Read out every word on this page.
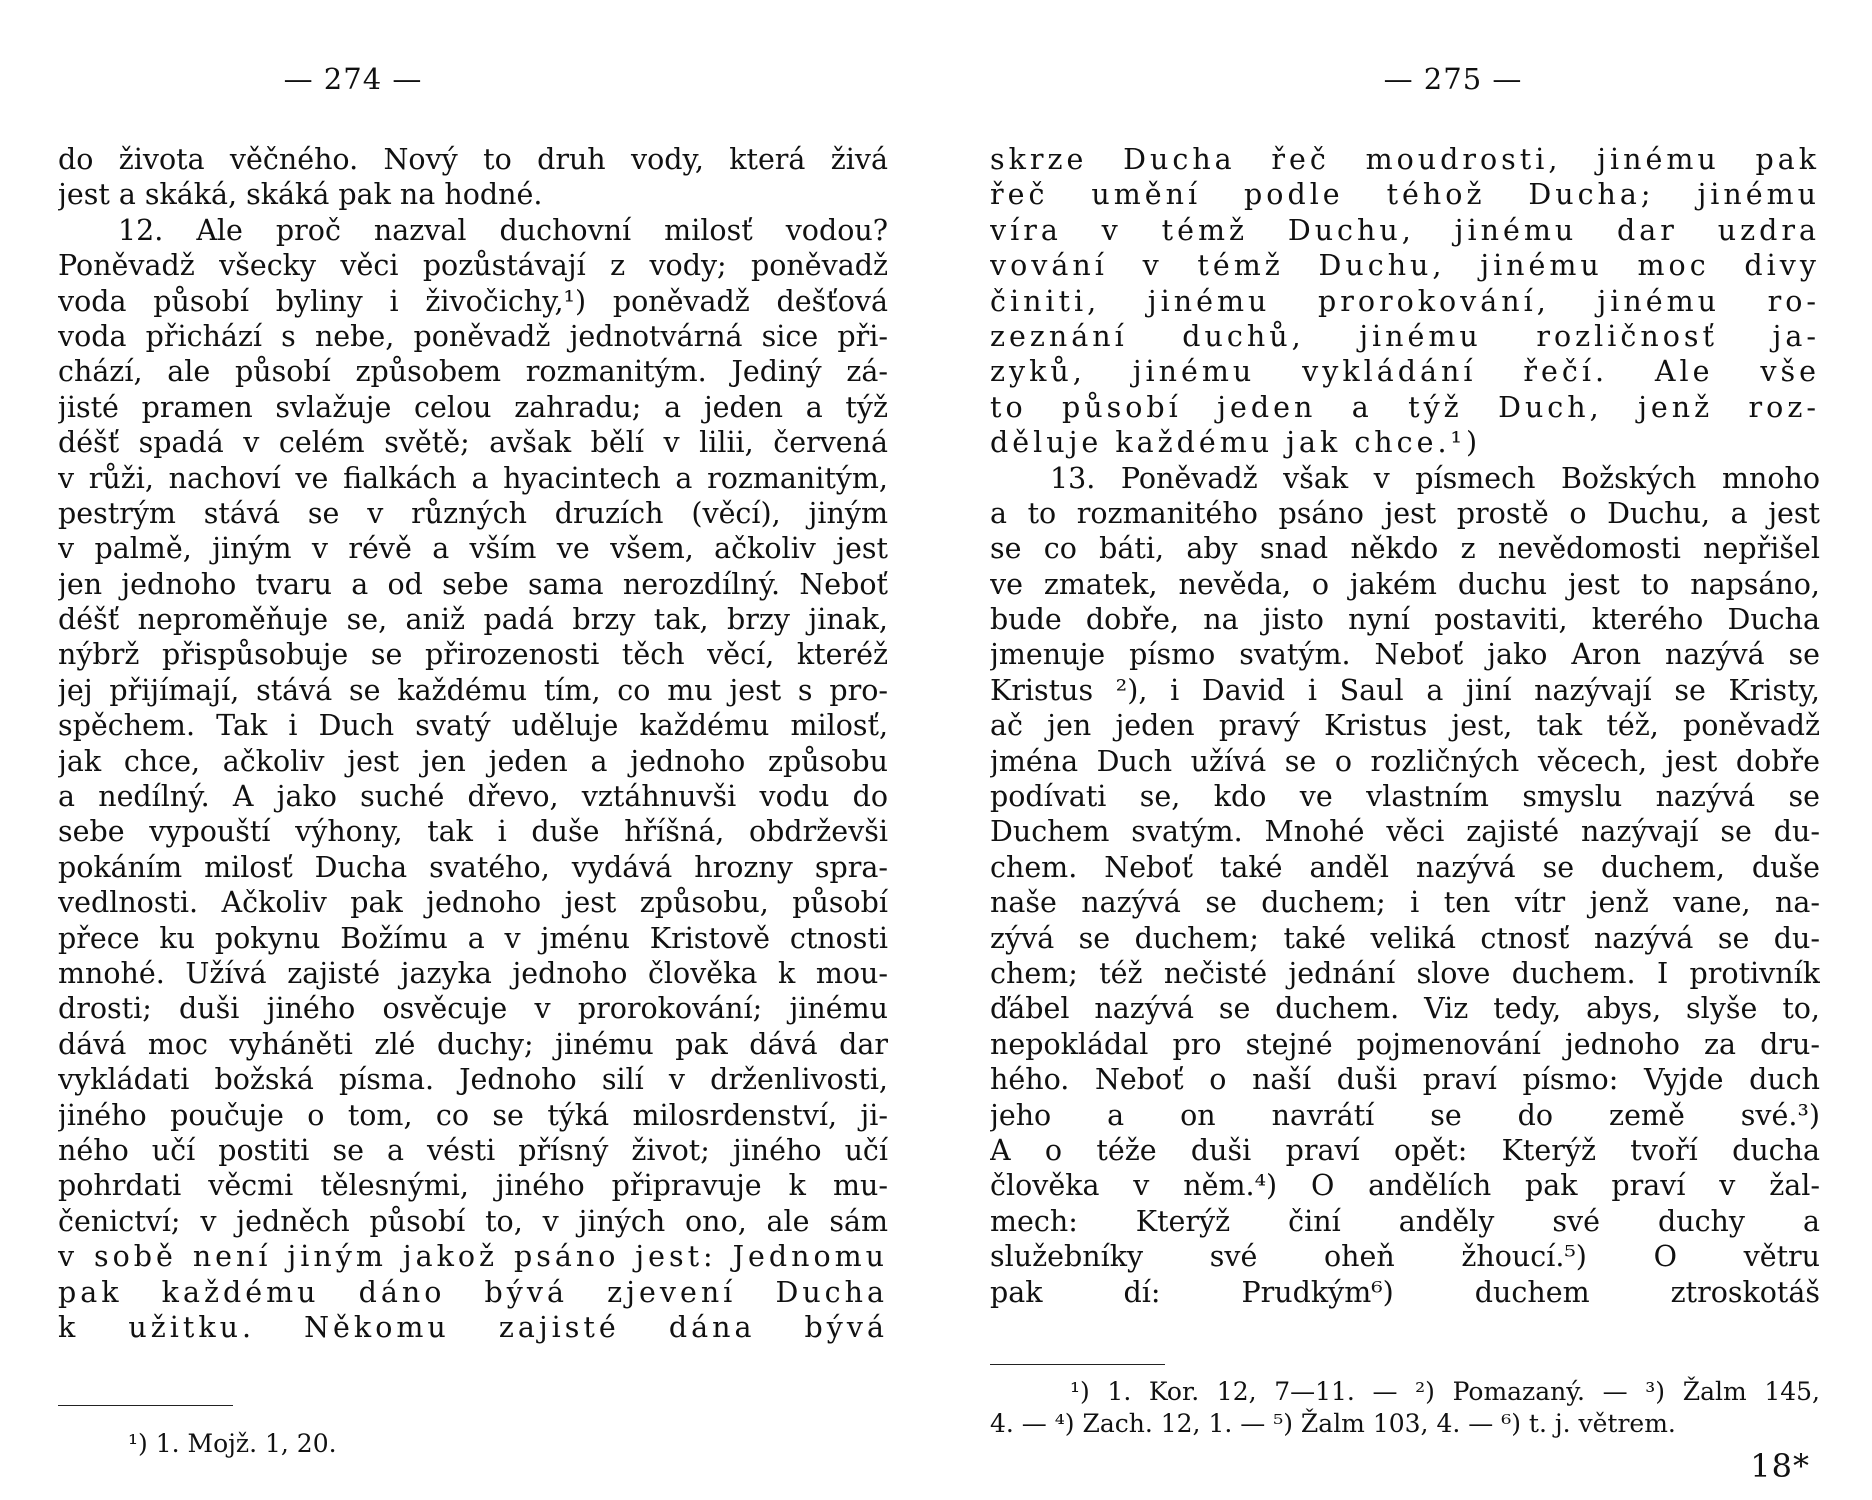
— 274 —
do života věčného. Nový to druh vody, která živá
jest a skáká, skáká pak na hodné.
12. Ale proč nazval duchovní milosť vodou?
Poněvadž všecky věci pozůstávají z vody; poněvadž
voda působí byliny i živočichy,¹) poněvadž dešťová
voda přichází s nebe, poněvadž jednotvárná sice při-
chází, ale působí způsobem rozmanitým. Jediný zá-
jisté pramen svlažuje celou zahradu; a jeden a týž
déšť spadá v celém světě; avšak bělí v lilii, červená
v růži, nachoví ve fialkách a hyacintech a rozmanitým,
pestrým stává se v různých druzích (věcí), jiným
v palmě, jiným v révě a vším ve všem, ačkoliv jest
jen jednoho tvaru a od sebe sama nerozdílný. Neboť
déšť neproměňuje se, aniž padá brzy tak, brzy jinak,
nýbrž přispůsobuje se přirozenosti těch věcí, kteréž
jej přijímají, stává se každému tím, co mu jest s pro-
spěchem. Tak i Duch svatý uděluje každému milosť,
jak chce, ačkoliv jest jen jeden a jednoho způsobu
a nedílný. A jako suché dřevo, vztáhnuvši vodu do
sebe vypouští výhony, tak i duše hříšná, obdrževši
pokáním milosť Ducha svatého, vydává hrozny spra-
vedlnosti. Ačkoliv pak jednoho jest způsobu, působí
přece ku pokynu Božímu a v jménu Kristově ctnosti
mnohé. Užívá zajisté jazyka jednoho člověka k mou-
drosti; duši jiného osvěcuje v prorokování; jinému
dává moc vyháněti zlé duchy; jinému pak dává dar
vykládati božská písma. Jednoho silí v drženlivosti,
jiného poučuje o tom, co se týká milosrdenství, ji-
ného učí postiti se a vésti přísný život; jiného učí
pohrdati věcmi tělesnými, jiného připravuje k mu-
čenictví; v jedněch působí to, v jiných ono, ale sám
v sobě není jiným jakož psáno jest: Jednomu
pak každému dáno bývá zjevení Ducha
k užitku. Někomu zajisté dána bývá
¹) 1. Mojž. 1, 20.
— 275 —
skrze Ducha řeč moudrosti, jinému pak
řeč umění podle téhož Ducha; jinému
víra v témž Duchu, jinému dar uzdra
vování v témž Duchu, jinému moc divy
činiti, jinému prorokování, jinému ro-
zeznání duchů, jinému rozličnosť ja-
zyků, jinému vykládání řečí. Ale vše
to působí jeden a týž Duch, jenž roz-
děluje každému jak chce.¹)
13. Poněvadž však v písmech Božských mnoho
a to rozmanitého psáno jest prostě o Duchu, a jest
se co báti, aby snad někdo z nevědomosti nepřišel
ve zmatek, nevěda, o jakém duchu jest to napsáno,
bude dobře, na jisto nyní postaviti, kterého Ducha
jmenuje písmo svatým. Neboť jako Aron nazývá se
Kristus ²), i David i Saul a jiní nazývají se Kristy,
ač jen jeden pravý Kristus jest, tak též, poněvadž
jména Duch užívá se o rozličných věcech, jest dobře
podívati se, kdo ve vlastním smyslu nazývá se
Duchem svatým. Mnohé věci zajisté nazývají se du-
chem. Neboť také anděl nazývá se duchem, duše
naše nazývá se duchem; i ten vítr jenž vane, na-
zývá se duchem; také veliká ctnosť nazývá se du-
chem; též nečisté jednání slove duchem. I protivník
ďábel nazývá se duchem. Viz tedy, abys, slyše to,
nepokládal pro stejné pojmenování jednoho za dru-
hého. Neboť o naší duši praví písmo: Vyjde duch
jeho a on navrátí se do země své.³)
A o téže duši praví opět: Kterýž tvoří ducha
člověka v něm.⁴) O andělích pak praví v žal-
mech: Kterýž činí anděly své duchy a
služebníky své oheň žhoucí.⁵) O větru
pak dí: Prudkým⁶) duchem ztroskotáš
¹) 1. Kor. 12, 7—11. — ²) Pomazaný. — ³) Žalm 145,
4. — ⁴) Zach. 12, 1. — ⁵) Žalm 103, 4. — ⁶) t. j. větrem.
18*
